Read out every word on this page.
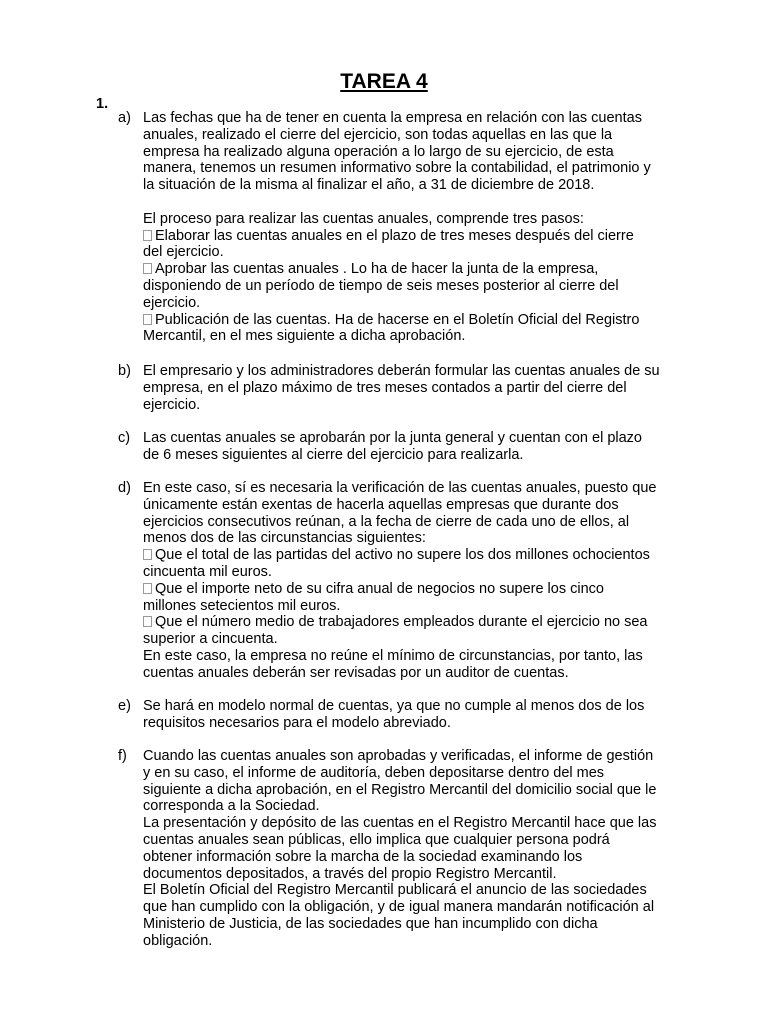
TAREA 4
1.
a) Las fechas que ha de tener en cuenta la empresa en relación con las cuentas
anuales, realizado el cierre del ejercicio, son todas aquellas en las que la
empresa ha realizado alguna operación a lo largo de su ejercicio, de esta
manera, tenemos un resumen informativo sobre la contabilidad, el patrimonio y
la situación de la misma al finalizar el año, a 31 de diciembre de 2018.
El proceso para realizar las cuentas anuales, comprende tres pasos:
Elaborar las cuentas anuales en el plazo de tres meses después del cierre
del ejercicio.
Aprobar las cuentas anuales . Lo ha de hacer la junta de la empresa,
disponiendo de un período de tiempo de seis meses posterior al cierre del
ejercicio.
Publicación de las cuentas. Ha de hacerse en el Boletín Oficial del Registro
Mercantil, en el mes siguiente a dicha aprobación.
b) El empresario y los administradores deberán formular las cuentas anuales de su
empresa, en el plazo máximo de tres meses contados a partir del cierre del
ejercicio.
c) Las cuentas anuales se aprobarán por la junta general y cuentan con el plazo
de 6 meses siguientes al cierre del ejercicio para realizarla.
d) En este caso, sí es necesaria la verificación de las cuentas anuales, puesto que
únicamente están exentas de hacerla aquellas empresas que durante dos
ejercicios consecutivos reúnan, a la fecha de cierre de cada uno de ellos, al
menos dos de las circunstancias siguientes:
Que el total de las partidas del activo no supere los dos millones ochocientos
cincuenta mil euros.
Que el importe neto de su cifra anual de negocios no supere los cinco
millones setecientos mil euros.
Que el número medio de trabajadores empleados durante el ejercicio no sea
superior a cincuenta.
En este caso, la empresa no reúne el mínimo de circunstancias, por tanto, las
cuentas anuales deberán ser revisadas por un auditor de cuentas.
e) Se hará en modelo normal de cuentas, ya que no cumple al menos dos de los
requisitos necesarios para el modelo abreviado.
f) Cuando las cuentas anuales son aprobadas y verificadas, el informe de gestión
y en su caso, el informe de auditoría, deben depositarse dentro del mes
siguiente a dicha aprobación, en el Registro Mercantil del domicilio social que le
corresponda a la Sociedad.
La presentación y depósito de las cuentas en el Registro Mercantil hace que las
cuentas anuales sean públicas, ello implica que cualquier persona podrá
obtener información sobre la marcha de la sociedad examinando los
documentos depositados, a través del propio Registro Mercantil.
El Boletín Oficial del Registro Mercantil publicará el anuncio de las sociedades
que han cumplido con la obligación, y de igual manera mandarán notificación al
Ministerio de Justicia, de las sociedades que han incumplido con dicha
obligación.
